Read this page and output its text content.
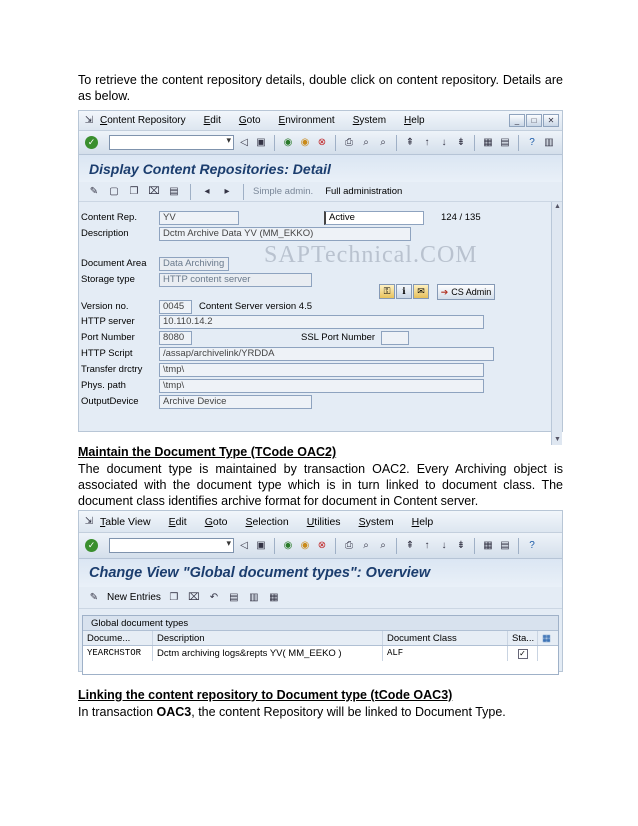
To retrieve the content repository details, double click on content repository. Details are as below.

⇲ Content Repository Edit Goto Environment System Help	_	□	✕
✓ ▾	◁ ▣ ◉ ◉ ⊗	⎙	⌕	⌕	⇞	↑	↓	⇟ ▦ ▤	? ▥
Display Content Repositories: Detail
✎ ▢ ❐ ⌧ ▤	◂	▸	Simple admin. Full administration
SAPTechnical.COM
Content Rep.	YV	Active	124 / 135
Description	Dctm Archive Data YV (MM_EKKO)
Document Area	Data Archiving
Storage type	HTTP content server
⚿	ℹ	✉	➔ CS Admin
Version no.	0045	Content Server version 4.5
HTTP server	10.110.14.2
Port Number	8080	SSL Port Number
HTTP Script	/assap/archivelink/YRDDA
Transfer drctry	\tmp\
Phys. path	\tmp\
OutputDevice	Archive Device
▲
▼
Maintain the Document Type (TCode OAC2)

The document type is maintained by transaction OAC2. Every Archiving object is associated with the document type which is in turn linked to document class. The document class identifies archive format for document in Content server.

⇲ Table View Edit Goto Selection Utilities System Help
✓ ▾	◁ ▣ ◉ ◉ ⊗	⎙	⌕	⌕	⇞	↑	↓	⇟ ▦ ▤	?
Change View "Global document types": Overview
✎ New Entries ❐ ⌧ ↶ ▤ ▥ ▦
Global document types
Docume...	Description	Document Class	Sta... ▦
YEARCHSTOR	Dctm archiving logs&repts YV( MM_EEKO )	ALF	✓
Linking the content repository to Document type (tCode OAC3)

In transaction OAC3, the content Repository will be linked to Document Type.
